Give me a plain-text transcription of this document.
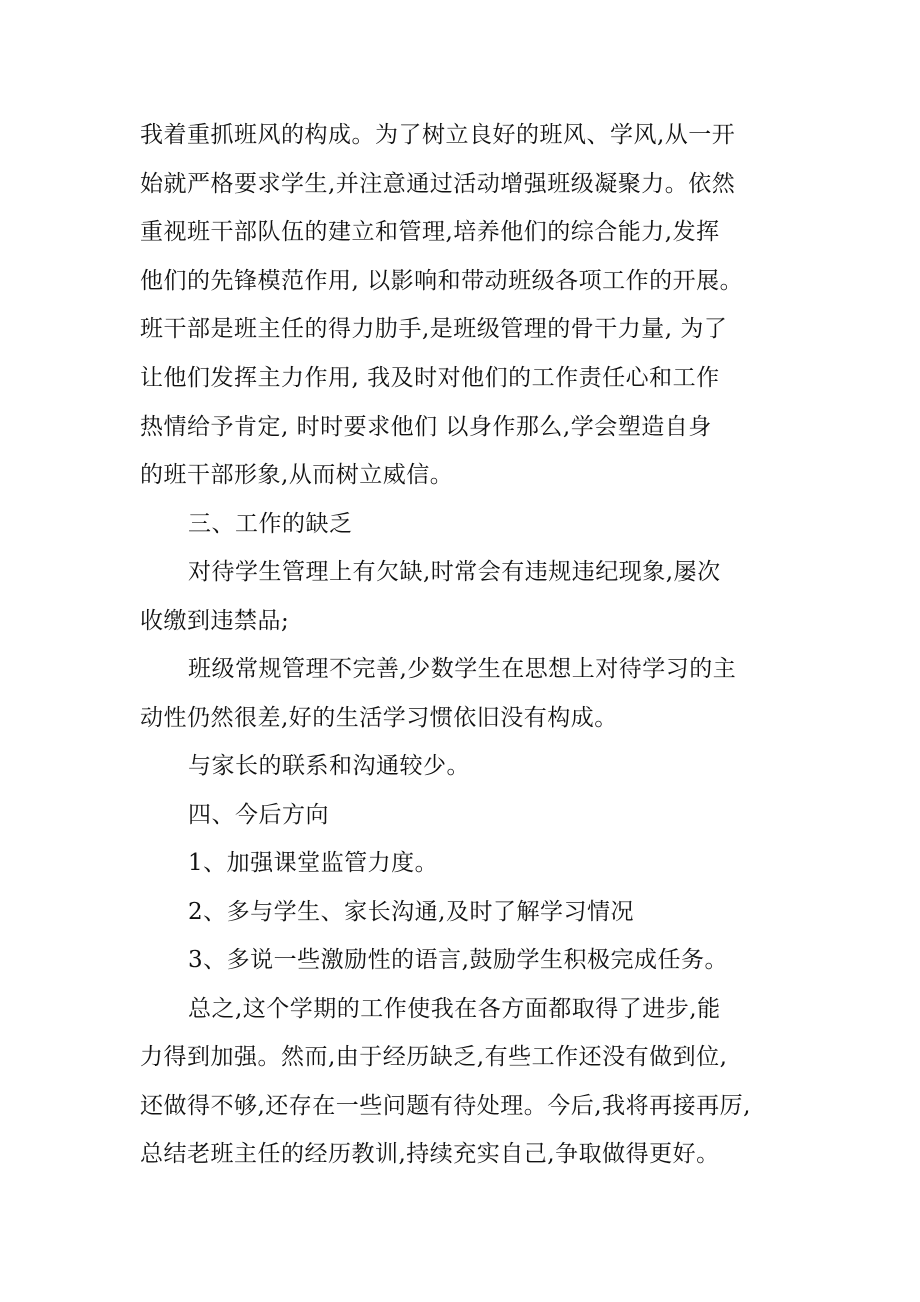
我着重抓班风的构成。为了树立良好的班风、学风,从一开
始就严格要求学生,并注意通过活动增强班级凝聚力。依然
重视班干部队伍的建立和管理,培养他们的综合能力,发挥
他们的先锋模范作用, 以影响和带动班级各项工作的开展。
班干部是班主任的得力肋手,是班级管理的骨干力量, 为了
让他们发挥主力作用, 我及时对他们的工作责任心和工作
热情给予肯定, 时时要求他们 以身作那么,学会塑造自身
的班干部形象,从而树立威信。
三、工作的缺乏
对待学生管理上有欠缺,时常会有违规违纪现象,屡次
收缴到违禁品;
班级常规管理不完善,少数学生在思想上对待学习的主
动性仍然很差,好的生活学习惯依旧没有构成。
与家长的联系和沟通较少。
四、今后方向
1、加强课堂监管力度。
2、多与学生、家长沟通,及时了解学习情况
3、多说一些激励性的语言,鼓励学生积极完成任务。
总之,这个学期的工作使我在各方面都取得了进步,能
力得到加强。然而,由于经历缺乏,有些工作还没有做到位,
还做得不够,还存在一些问题有待处理。今后,我将再接再厉,
总结老班主任的经历教训,持续充实自己,争取做得更好。
